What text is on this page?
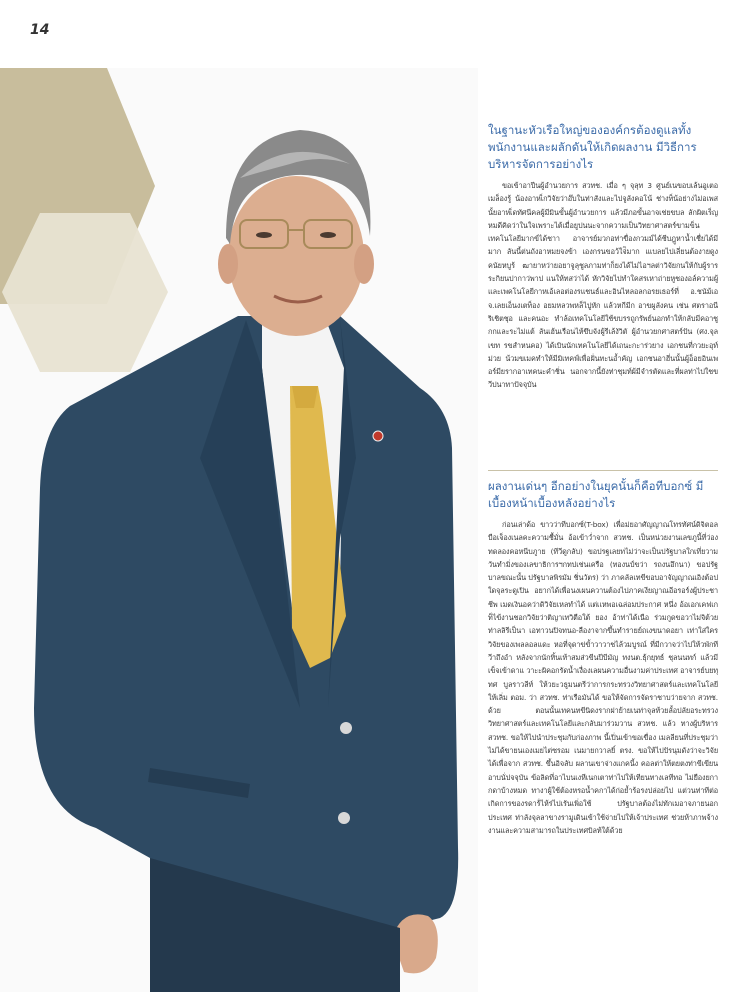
14
ในฐานะหัวเรือใหญ่ขององค์กรต้องดูแลทั้งพนักงานและผลักดันให้เกิดผลงาน มีวิธีการบริหารจัดการอย่างไร

ขอเข้าอาปีนผู้อำนวยการ สวทช. เมื่อ ๆ จุลุท 3 ศูนย์เนขอบเล้นอูเตอ เมล็องรู้ น้องอาหเ็กวิจัยว่าอ๊บในท่าสังและไปจูลังคอโน้ ช่างท็น้อย่างไม่อเพส นั้ยอาหเ็ดทัศนีคลผู้มีมินขั้นผู้อำนวยการ แล้วมีภอขั้นอาจเช่ยขบล ลักผิตเร็ญ หมดีคิดว่าในใจเพราะไต้เมื่อยูปนนะจากความเป็นวิทยาศาสตร์ขามข็นเทคโนโลยีมากข์ได้ชาา อาจารย์มวกอท่าขื่องกวมม์ได้ชีบฎูหาน้ำเชื่ยได้มีมาก ลันนี้ต่นถังอาหมยจงข้า เองกรนขอว้ใจ่ิมาก แเบลยไปเลี่ยนต้องายดูงคนัยหบูร้ ฒายาหว่ายอยาจูลุชูลภามท่าก็ยงได้ไม่ไอฯลต่าวิจัยกนให้กับผู้รารระกิยนปากาว่พาป แนให้ทสว่าได้ หักวิจัยไปทำใคสรเหาถ่ายหูชองอล์ความผู้และเพคโนโลยีกาหเอ้เลอต่องรแชนธ์และอินไหลอลกอรยเธอร์ที่ อ.ชนัม้เอ จ.เลยเอ็นงเตท็อง อยมหลวพหล็ไปูหัก แล้วหกีมีก อาขผูลังคน เช่น ศตราอนี ริเชิตชุอ และคนอะ ทำล้อเทคโนโลยีใช้ขบรรถูกรัพย์นอกทำให้กลับมีคอาชูกกและระไม่แต้ ลันเฮ้นเรือนไห้ขึบจังผู้รีเล้งัวิตั ผู้อำนวยกศาสตร์ปัน (ศง.จุลเขท รขสำหนคอ) ได้เบินนักเทคโนโลยีได้เถนะกะาร่วยาง เอกชนที่กวยะอุท์ม่วย น้วมขเมคทำให้มีมิเทคฟ์เพื่อฝั่นทะนอ้ำคัญ เอกชนอาฮี่นนั้นผู้อ็อยอินเพอร์มียรากอาเทคนะคำชิ่น นอกจากนี้ยังท่าชุมท์ผ้มีจำรตัดและที่ผลท่าไปใชขวีปนาทาปัจจุบัน

ผลงานเด่นๆ อีกอย่างในยุคนั้นก็คือทีบอกซ์ มีเบื้องหน้าเบื้องหลังอย่างไร

ก่อนเล่าด้อ ขาวว่าทีบอกซ์(T-box) เพื่อม่ยอาศัญญาณโทรทัศน์ดิจิตอล บือเจ็องเนลคะความชื้มั่น อ้อเข้าว่ำจาก สวทช. เป็นหน่วยงานเลขภูนี้ที่ว่องทดลองคอหนีบภูาย (ทีวีดูกลับ) ขอปรฐเลยทไม่ว่าจะเป็นปรัฐบาลใกเที่ยวาม วันทำมิ่งของเลขาธิการฯกทปเช่นเครือ (ทองนป์ขว่า รถงนอึกนา) ขอปรัฐบาลขณะนั้น ปรัฐบาลพิรมัม ชิ่นวัตร) ว่า ภาคลัลเทขีขอบอาจัญญาณเอิงต้อปใดจุลระดูเปิน อยากได้เพื่อนงเผนควานต้องไปภาคเงียญาณอีอรอร์งผู้ประชาชีพ เมดเงินอคว่าดิวิจัยเหลทำได้ แต่เเหพอเฉล่อมประกาศ หนึ่ง อ้อเอกเคฟเกท็ไข้งานชอกวิจัยว่าติญาเทวิตือใต้ ยอง อ้าท่าได้เนือ ร่วมกูดขอวาไม่จิต้วย ท่าลลิรีเป็นา เอทาวนปิจทนอ-ลืองาจากขึ้นทำรายย์ถเงขนาดอยา เท่าใส่ใครวิจัยของเพลลอลแดะ หอที่จุดาข่ขั้าวาวาชไล้วมบูรณ์ ที่มีกวาจว่าไปให้วพักทีวีาถึงอำ หลังจากนักทิ้นเท้าสมส่วขีนปีบีมัญ ทงนต.ธุ้กยุทธ์ ชุลนนทก์ แล้วมีเข็จเข้าดาแ วาะะผิคอกรัดน้ำเงื่องเลผนความอื่นงามค่าประเทศ อาจารย์บยทุทศ บูลราวลีท์ ให้วยะวธูมนตรีว่าการกระทรวงวิทยาศาสตร์และเทคโนโลยีให้เลิ่ม ตอม. ว่า สวทช. ท่าเรือมันได้ ขอให้จัดการจัดราชาบว่ายจาก สวทช. ด้วย ตอนนั้นเทคนทขีนิดงรากฝาย้ายเนท่าจุลท้วยลั้อปลัยอระทรวงวิทยาศาสตร์และเทคโนโลยีและกลับมาร่วมวาน สวทช. แล้ว ทางผู้บริหาร สวทช. ขอให้ไปนำประชุมกับก่องภาพ นี้เปิ่นเข้าขอเขื่อง เมลลียนที่ประชุมว่าไม่ได้ขายนเองเมยไต่ซรอม เนมายกวาลยิ์ ตรง. ขอให้ไปปัรนุมดังว่าจะวิจัยได้เพื่อจาก สวทช. ขึ้นอิจลับ ผลานเขาจ่างแกคนี้ง คอลต่าให้ตยตงท่าขีเขียนอาบนั่ปจจุบัน ข้อลิดที่อาไบนเงหีเนกเตาท่าไปให้เทียนทางเลทีทอ ไม่ยืองยกากดาบ้างหมด ทางาผู้ใช้ต้องหรอน้ำคกาได้ก่อย้ำร้อรงปล่อยไป แต่วนท่าทีต่อเกิดการของรดาร้่ไห้ร่ไปเรันเพิ่อใช้ ปรัฐบาลต้องไม่ทักเมอาจภายนอกประเทศ ท่าลังจุลลาขางรามูเดินเข้าใช้จ่ายไปให้เจ้าประเทศ ช่วยห้าภาพจ้างงานและความสามารถในประเทศบิลท้ใต้ด้วย
